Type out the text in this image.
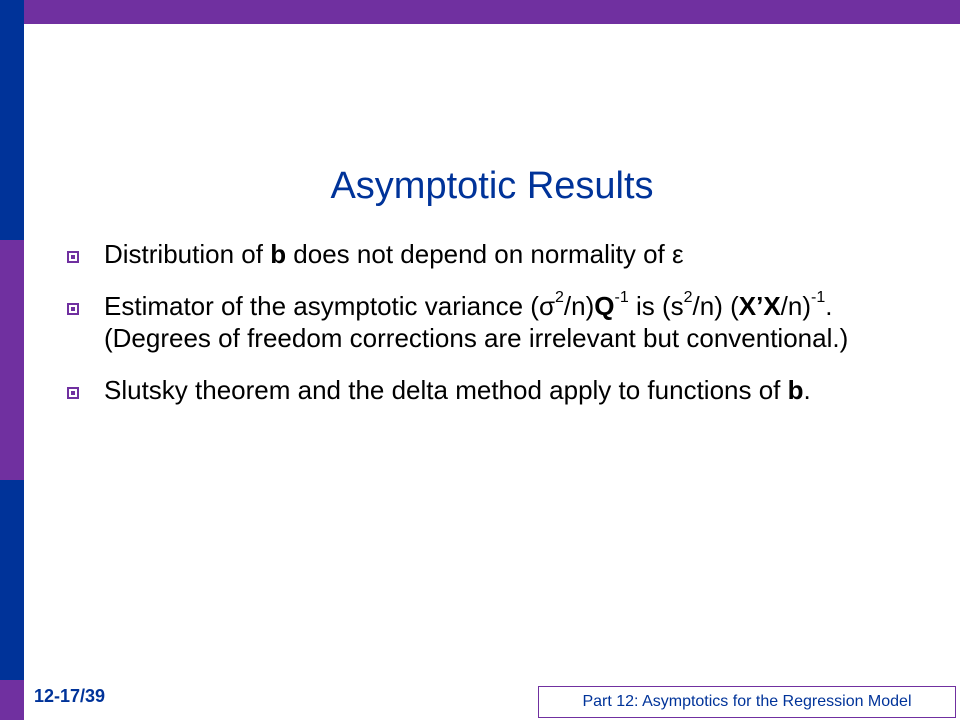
Asymptotic Results
Distribution of b does not depend on normality of ε
Estimator of the asymptotic variance $(\sigma^2/n)Q^{-1}$ is $(s^2/n)$ (X’X/n)$^{-1}$. (Degrees of freedom corrections are irrelevant but conventional.)
Slutsky theorem and the delta method apply to functions of b.
12-17/39	Part 12: Asymptotics for the Regression Model
